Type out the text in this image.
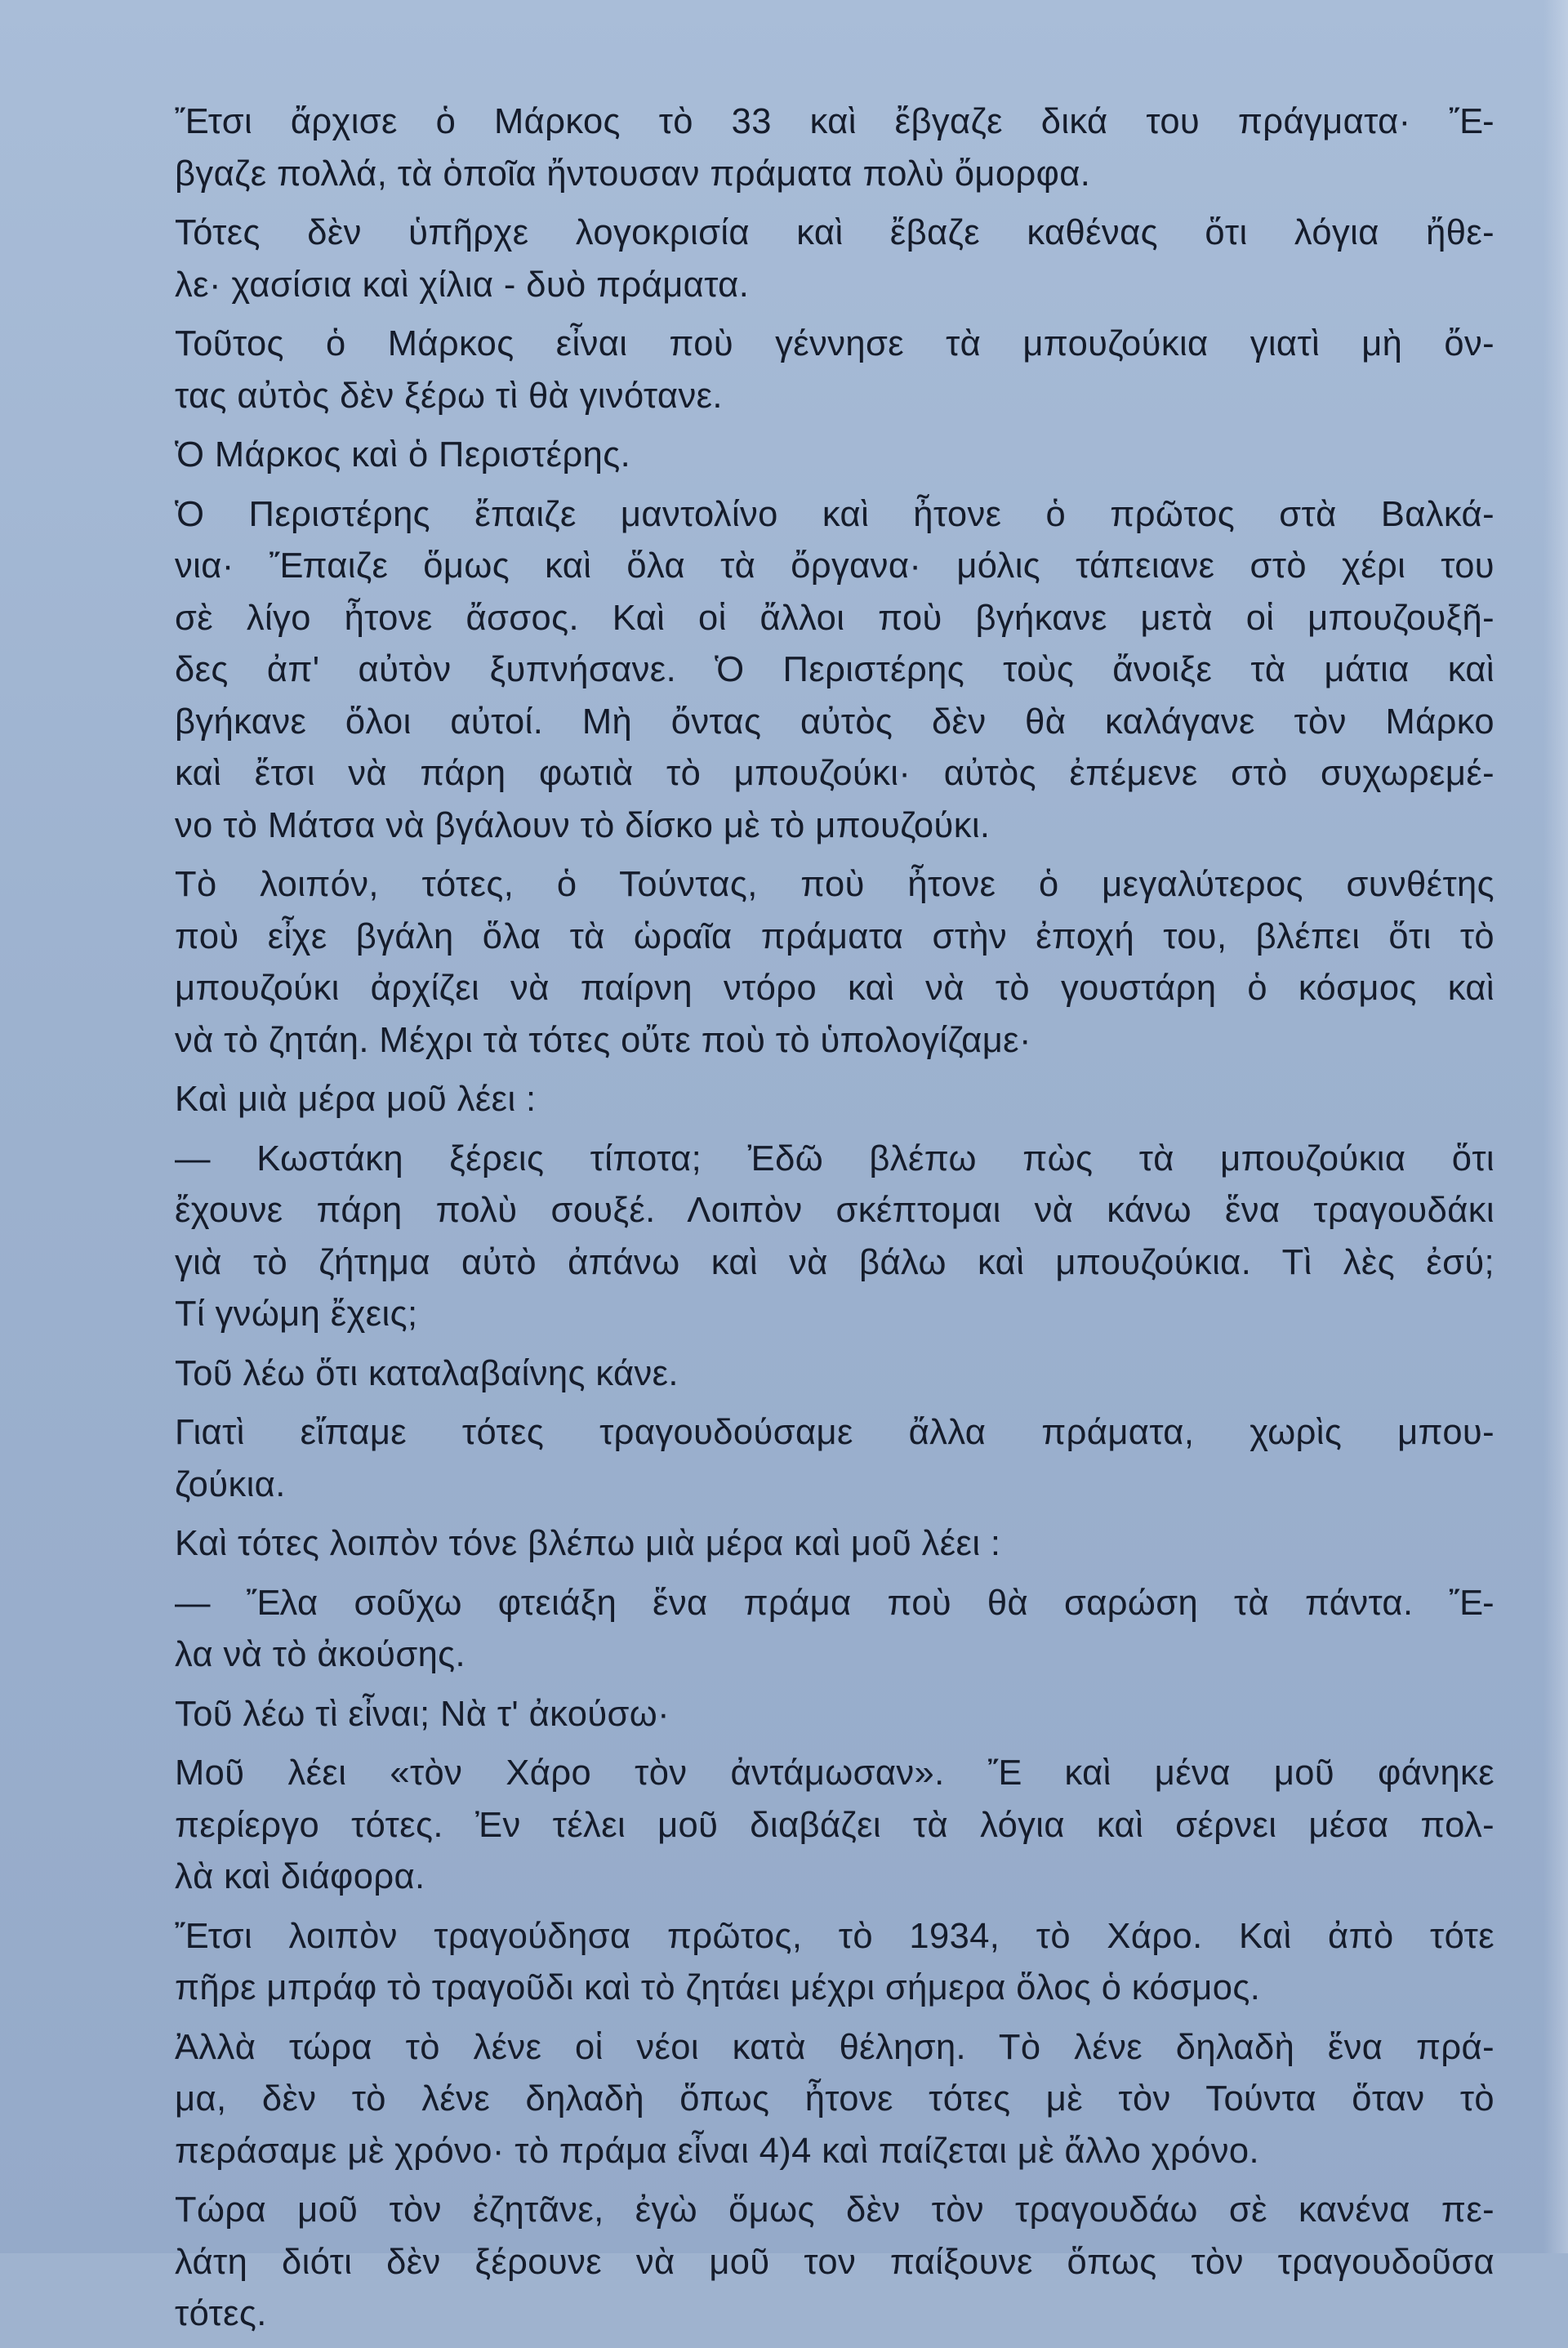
Ἔτσι ἄρχισε ὁ Μάρκος τὸ 33 καὶ ἔβγαζε δικά του πράγματα· Ἔ-
βγαζε πολλά, τὰ ὁποῖα ἤντουσαν πράματα πολὺ ὄμορφα.

Τότες δὲν ὑπῆρχε λογοκρισία καὶ ἔβαζε καθένας ὅτι λόγια ἤθε-
λε· χασίσια καὶ χίλια - δυὸ πράματα.

Τοῦτος ὁ Μάρκος εἶναι ποὺ γέννησε τὰ μπουζούκια γιατὶ μὴ ὄν-
τας αὐτὸς δὲν ξέρω τὶ θὰ γινότανε.

Ὁ Μάρκος καὶ ὁ Περιστέρης.

Ὁ Περιστέρης ἔπαιζε μαντολίνο καὶ ἦτονε ὁ πρῶτος στὰ Βαλκά-
νια· Ἔπαιζε ὅμως καὶ ὅλα τὰ ὄργανα· μόλις τάπειανε στὸ χέρι του
σὲ λίγο ἦτονε ἄσσος. Καὶ οἱ ἄλλοι ποὺ βγήκανε μετὰ οἱ μπουζουξῆ-
δες ἀπ' αὐτὸν ξυπνήσανε. Ὁ Περιστέρης τοὺς ἄνοιξε τὰ μάτια καὶ
βγήκανε ὅλοι αὐτοί. Μὴ ὄντας αὐτὸς δὲν θὰ καλάγανε τὸν Μάρκο
καὶ ἔτσι νὰ πάρη φωτιὰ τὸ μπουζούκι· αὐτὸς ἐπέμενε στὸ συχωρεμέ-
νο τὸ Μάτσα νὰ βγάλουν τὸ δίσκο μὲ τὸ μπουζούκι.

Τὸ λοιπόν, τότες, ὁ Τούντας, ποὺ ἦτονε ὁ μεγαλύτερος συνθέτης
ποὺ εἶχε βγάλη ὅλα τὰ ὡραῖα πράματα στὴν ἐποχή του, βλέπει ὅτι τὸ
μπουζούκι ἀρχίζει νὰ παίρνη ντόρο καὶ νὰ τὸ γουστάρη ὁ κόσμος καὶ
νὰ τὸ ζητάη. Μέχρι τὰ τότες οὔτε ποὺ τὸ ὑπολογίζαμε·

Καὶ μιὰ μέρα μοῦ λέει :

— Κωστάκη ξέρεις τίποτα; Ἐδῶ βλέπω πὼς τὰ μπουζούκια ὅτι
ἔχουνε πάρη πολὺ σουξέ. Λοιπὸν σκέπτομαι νὰ κάνω ἕνα τραγουδάκι
γιὰ τὸ ζήτημα αὐτὸ ἀπάνω καὶ νὰ βάλω καὶ μπουζούκια. Τὶ λὲς ἐσύ;
Τί γνώμη ἔχεις;

Τοῦ λέω ὅτι καταλαβαίνης κάνε.

Γιατὶ εἴπαμε τότες τραγουδούσαμε ἄλλα πράματα, χωρὶς μπου-
ζούκια.

Καὶ τότες λοιπὸν τόνε βλέπω μιὰ μέρα καὶ μοῦ λέει :

— Ἔλα σοῦχω φτειάξη ἕνα πράμα ποὺ θὰ σαρώση τὰ πάντα. Ἔ-
λα νὰ τὸ ἀκούσης.

Τοῦ λέω τὶ εἶναι; Νὰ τ' ἀκούσω·

Μοῦ λέει «τὸν Χάρο τὸν ἀντάμωσαν». Ἔ καὶ μένα μοῦ φάνηκε
περίεργο τότες. Ἐν τέλει μοῦ διαβάζει τὰ λόγια καὶ σέρνει μέσα πολ-
λὰ καὶ διάφορα.

Ἔτσι λοιπὸν τραγούδησα πρῶτος, τὸ 1934, τὸ Χάρο. Καὶ ἀπὸ τότε
πῆρε μπράφ τὸ τραγοῦδι καὶ τὸ ζητάει μέχρι σήμερα ὅλος ὁ κόσμος.

Ἀλλὰ τώρα τὸ λένε οἱ νέοι κατὰ θέληση. Τὸ λένε δηλαδὴ ἕνα πρά-
μα, δὲν τὸ λένε δηλαδὴ ὅπως ἦτονε τότες μὲ τὸν Τούντα ὅταν τὸ
περάσαμε μὲ χρόνο· τὸ πράμα εἶναι 4)4 καὶ παίζεται μὲ ἄλλο χρόνο.

Τώρα μοῦ τὸν ἐζητᾶνε, ἐγὼ ὅμως δὲν τὸν τραγουδάω σὲ κανένα πε-
λάτη διότι δὲν ξέρουνε νὰ μοῦ τον παίξουνε ὅπως τὸν τραγουδοῦσα
τότες.
